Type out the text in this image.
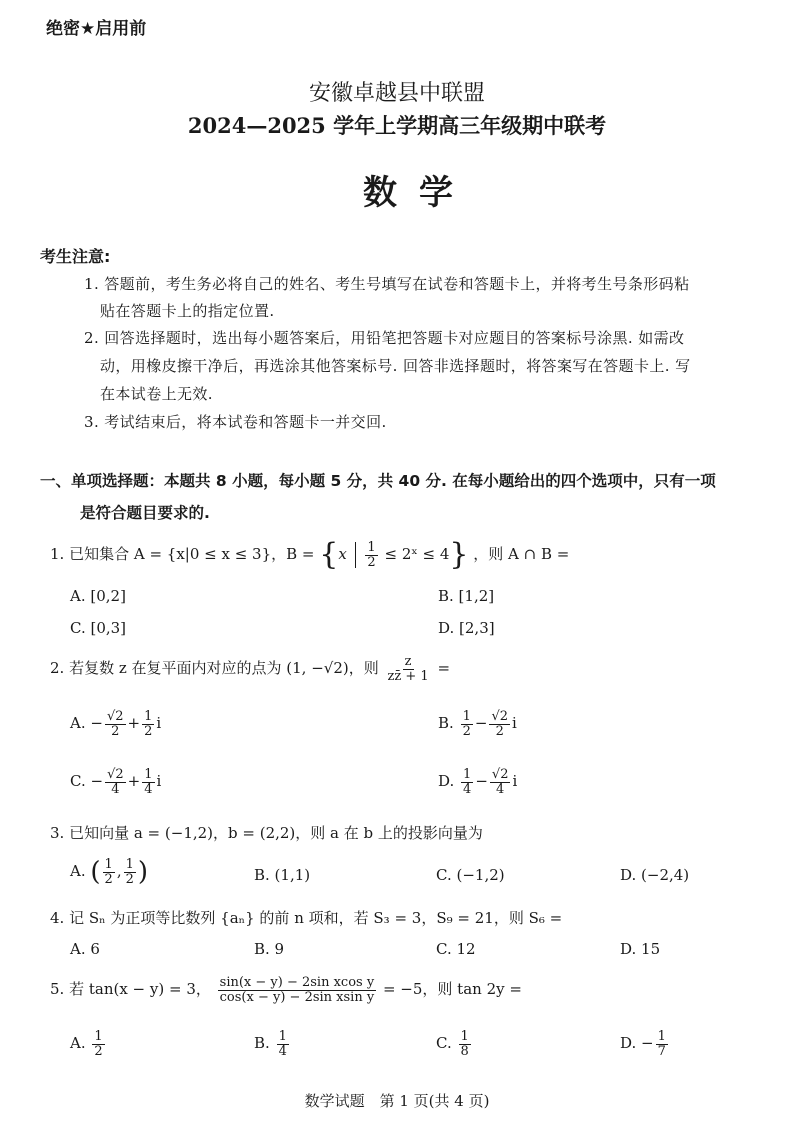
绝密★启用前
安徽卓越县中联盟
2024—2025 学年上学期高三年级期中联考
数学
考生注意:
1. 答题前，考生务必将自己的姓名、考生号填写在试卷和答题卡上，并将考生号条形码粘
贴在答题卡上的指定位置.
2. 回答选择题时，选出每小题答案后，用铅笔把答题卡对应题目的答案标号涂黑. 如需改
动，用橡皮擦干净后，再选涂其他答案标号. 回答非选择题时，将答案写在答题卡上. 写
在本试卷上无效.
3. 考试结束后，将本试卷和答题卡一并交回.
一、单项选择题：本题共 8 小题，每小题 5 分，共 40 分. 在每小题给出的四个选项中，只有一项
是符合题目要求的.
1. 已知集合 A = {x|0 ≤ x ≤ 3}，$B = \{x \frac{1}{2}$ ≤ 2ˣ ≤ 4} ，则 A ∩ B =
A. [0,2]	B. [1,2]
C. [0,3]	D. [2,3]
2. 若复数 z 在复平面内对应的点为 (1, −√2)，则 $\frac{z}{zz̄ + 1}$ =
A. − $\frac{√2}{2} + \frac{1}{2}$ i	B. $\frac{1}{2} - \frac{√2}{2}$ i
C. − $\frac{√2}{4} + \frac{1}{4}$ i	D. $\frac{1}{4} - \frac{√2}{4}$ i
3. 已知向量 a = (−1,2)，b = (2,2)，则 a 在 b 上的投影向量为
A. ( $\frac{1}{2}$ , $\frac{1}{2}$ )	B. (1,1)	C. (−1,2)	D. (−2,4)
4. 记 Sₙ 为正项等比数列 {aₙ} 的前 n 项和，若 S₃ = 3，S₉ = 21，则 S₆ =
A. 6	B. 9	C. 12	D. 15
5. 若 tan(x − y) = 3， $\frac{\text{sin(x − y) − 2sin xcos y}}{\text{cos(x − y) − 2sin xsin y}} = -5$，则 tan 2y =
A. $\frac{1}{2}$	B. $\frac{1}{4}$	C. $\frac{1}{8}$	D. − $\frac{1}{7}$
数学试题　第 1 页(共 4 页)
